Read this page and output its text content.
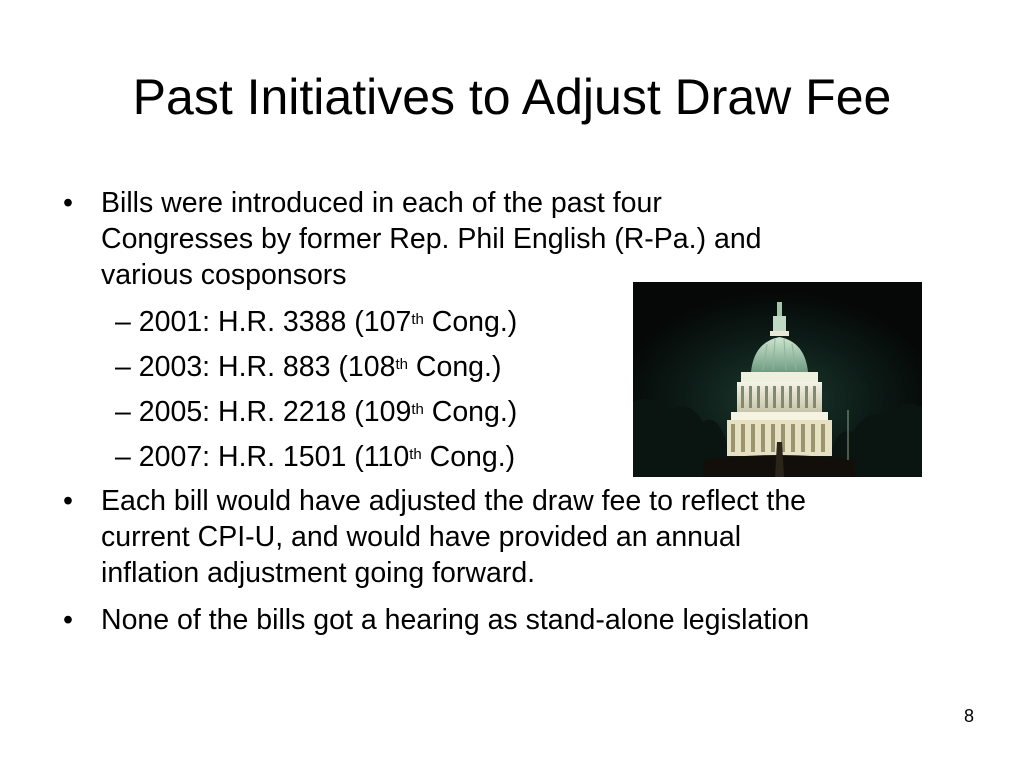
Past Initiatives to Adjust Draw Fee
• Bills were introduced in each of the past four
Congresses by former Rep. Phil English (R-Pa.) and
various cosponsors
– 2001: H.R. 3388 (107th Cong.)
– 2003: H.R. 883 (108th Cong.)
– 2005: H.R. 2218 (109th Cong.)
– 2007: H.R. 1501 (110th Cong.)
• Each bill would have adjusted the draw fee to reflect the
current CPI-U, and would have provided an annual
inflation adjustment going forward.
• None of the bills got a hearing as stand-alone legislation
8
